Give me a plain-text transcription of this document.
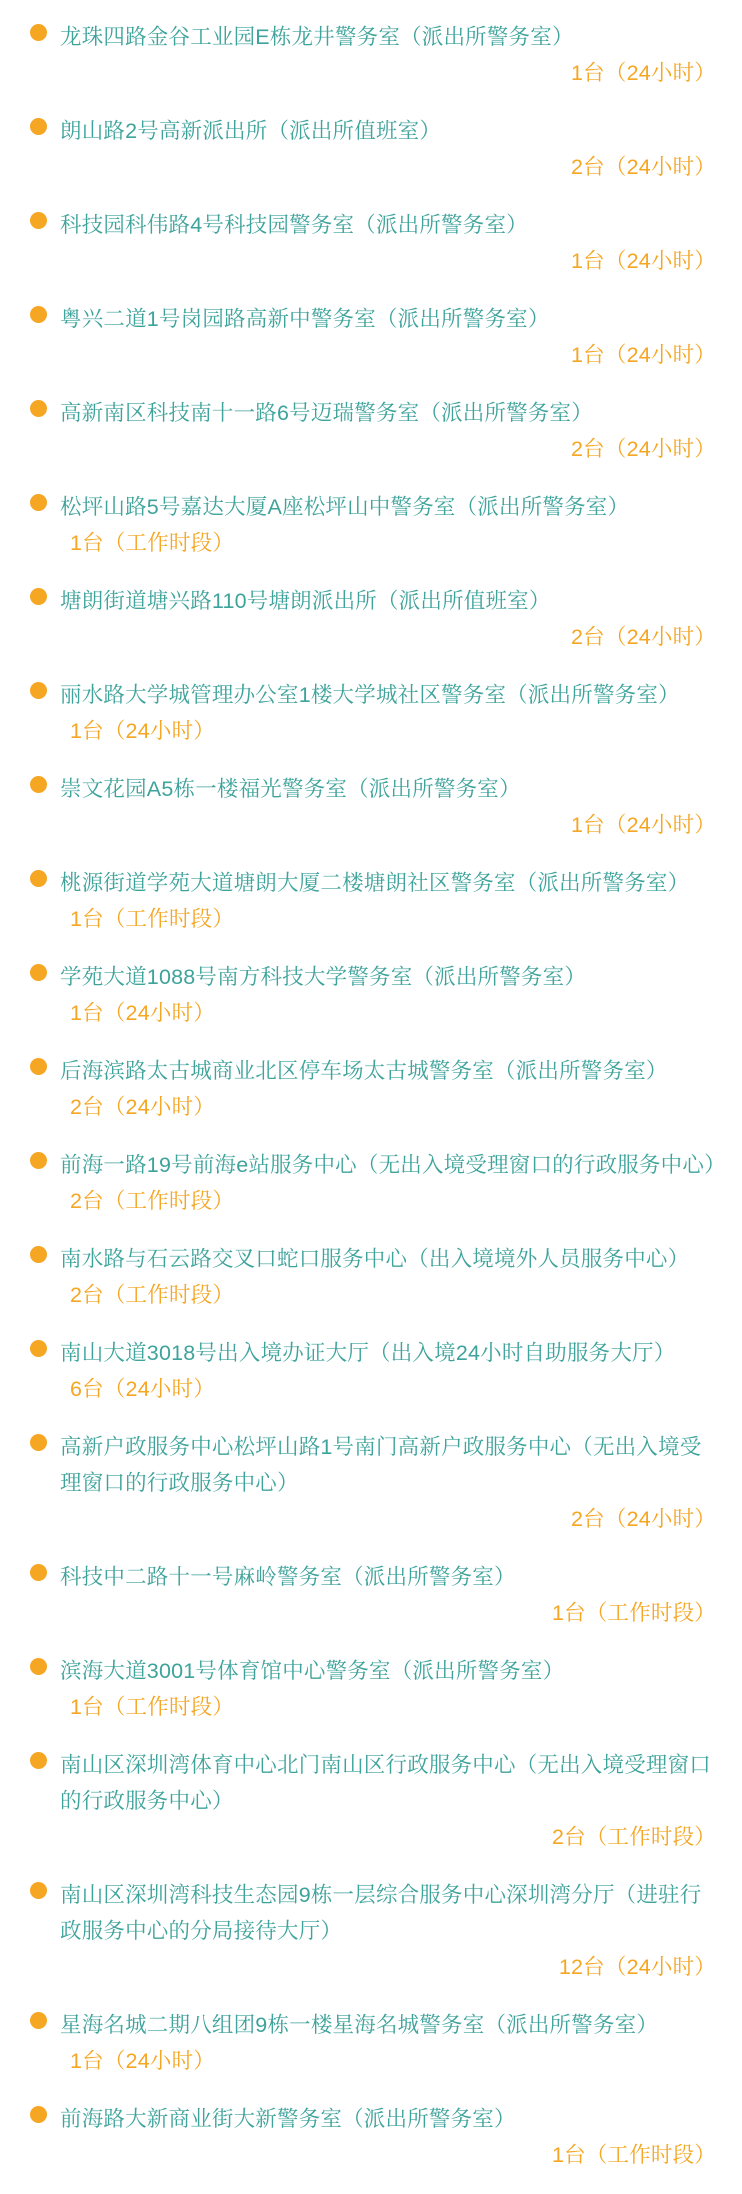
龙珠四路金谷工业园E栋龙井警务室（派出所警务室）
1台（24小时）
朗山路2号高新派出所（派出所值班室）
2台（24小时）
科技园科伟路4号科技园警务室（派出所警务室）
1台（24小时）
粤兴二道1号岗园路高新中警务室（派出所警务室）
1台（24小时）
高新南区科技南十一路6号迈瑞警务室（派出所警务室）
2台（24小时）
松坪山路5号嘉达大厦A座松坪山中警务室（派出所警务室）1台（工作时段）
塘朗街道塘兴路110号塘朗派出所（派出所值班室）
2台（24小时）
丽水路大学城管理办公室1楼大学城社区警务室（派出所警务室）1台（24小时）
崇文花园A5栋一楼福光警务室（派出所警务室）
1台（24小时）
桃源街道学苑大道塘朗大厦二楼塘朗社区警务室（派出所警务室）1台（工作时段）
学苑大道1088号南方科技大学警务室（派出所警务室）1台（24小时）
后海滨路太古城商业北区停车场太古城警务室（派出所警务室）2台（24小时）
前海一路19号前海e站服务中心（无出入境受理窗口的行政服务中心）2台（工作时段）
南水路与石云路交叉口蛇口服务中心（出入境境外人员服务中心）2台（工作时段）
南山大道3018号出入境办证大厅（出入境24小时自助服务大厅）6台（24小时）
高新户政服务中心松坪山路1号南门高新户政服务中心（无出入境受理窗口的行政服务中心）
2台（24小时）
科技中二路十一号麻岭警务室（派出所警务室）
1台（工作时段）
滨海大道3001号体育馆中心警务室（派出所警务室）1台（工作时段）
南山区深圳湾体育中心北门南山区行政服务中心（无出入境受理窗口的行政服务中心）
2台（工作时段）
南山区深圳湾科技生态园9栋一层综合服务中心深圳湾分厅（进驻行政服务中心的分局接待大厅）
12台（24小时）
星海名城二期八组团9栋一楼星海名城警务室（派出所警务室）1台（24小时）
前海路大新商业街大新警务室（派出所警务室）
1台（工作时段）
